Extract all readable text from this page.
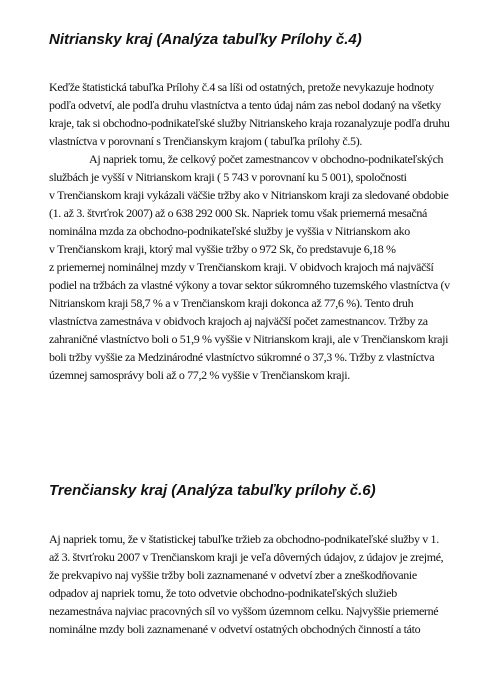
Nitriansky kraj (Analýza tabuľky Prílohy č.4)
Keďže štatistická tabuľka Prílohy č.4 sa líši od ostatných, pretože nevykazuje hodnoty
podľa odvetví, ale podľa druhu vlastníctva a tento údaj nám zas nebol dodaný na všetky
kraje, tak si obchodno-podnikateľské služby Nitrianskeho kraja rozanalyzuje podľa druhu
vlastníctva v porovnaní s Trenčianskym krajom ( tabuľka prílohy č.5).
Aj napriek tomu, že celkový počet zamestnancov v obchodno-podnikateľských
službách je vyšší v Nitrianskom kraji ( 5 743 v porovnaní ku 5 001), spoločnosti
v Trenčianskom kraji vykázali väčšie tržby ako v Nitrianskom kraji za sledované obdobie
(1. až 3. štvrťrok 2007) až o 638 292 000 Sk. Napriek tomu však priemerná mesačná
nominálna mzda za obchodno-podnikateľské služby je vyššia v Nitrianskom ako
v Trenčianskom kraji, ktorý mal vyššie tržby o 972 Sk, čo predstavuje 6,18 %
z priemernej nominálnej mzdy v Trenčianskom kraji. V obidvoch krajoch má najväčší
podiel na tržbách za vlastné výkony a tovar sektor súkromného tuzemského vlastníctva (v
Nitrianskom kraji 58,7 % a v Trenčianskom kraji dokonca až 77,6 %). Tento druh
vlastníctva zamestnáva v obidvoch krajoch aj najväčší počet zamestnancov. Tržby za
zahraničné vlastníctvo boli o 51,9 % vyššie v Nitrianskom kraji, ale v Trenčianskom kraji
boli tržby vyššie za Medzinárodné vlastníctvo súkromné o 37,3 %. Tržby z vlastníctva
územnej samosprávy boli až o 77,2 % vyššie v Trenčianskom kraji.
Trenčiansky kraj (Analýza tabuľky prílohy č.6)
Aj napriek tomu, že v štatistickej tabuľke tržieb za obchodno-podnikateľské služby v 1.
až 3. štvrťroku 2007 v Trenčianskom kraji je veľa dôverných údajov, z údajov je zrejmé,
že prekvapivo naj vyššie tržby boli zaznamenané v odvetví zber a zneškodňovanie
odpadov aj napriek tomu, že toto odvetvie obchodno-podnikateľských služieb
nezamestnáva najviac pracovných síl vo vyššom územnom celku. Najvyššie priemerné
nominálne mzdy boli zaznamenané v odvetví ostatných obchodných činností a táto
